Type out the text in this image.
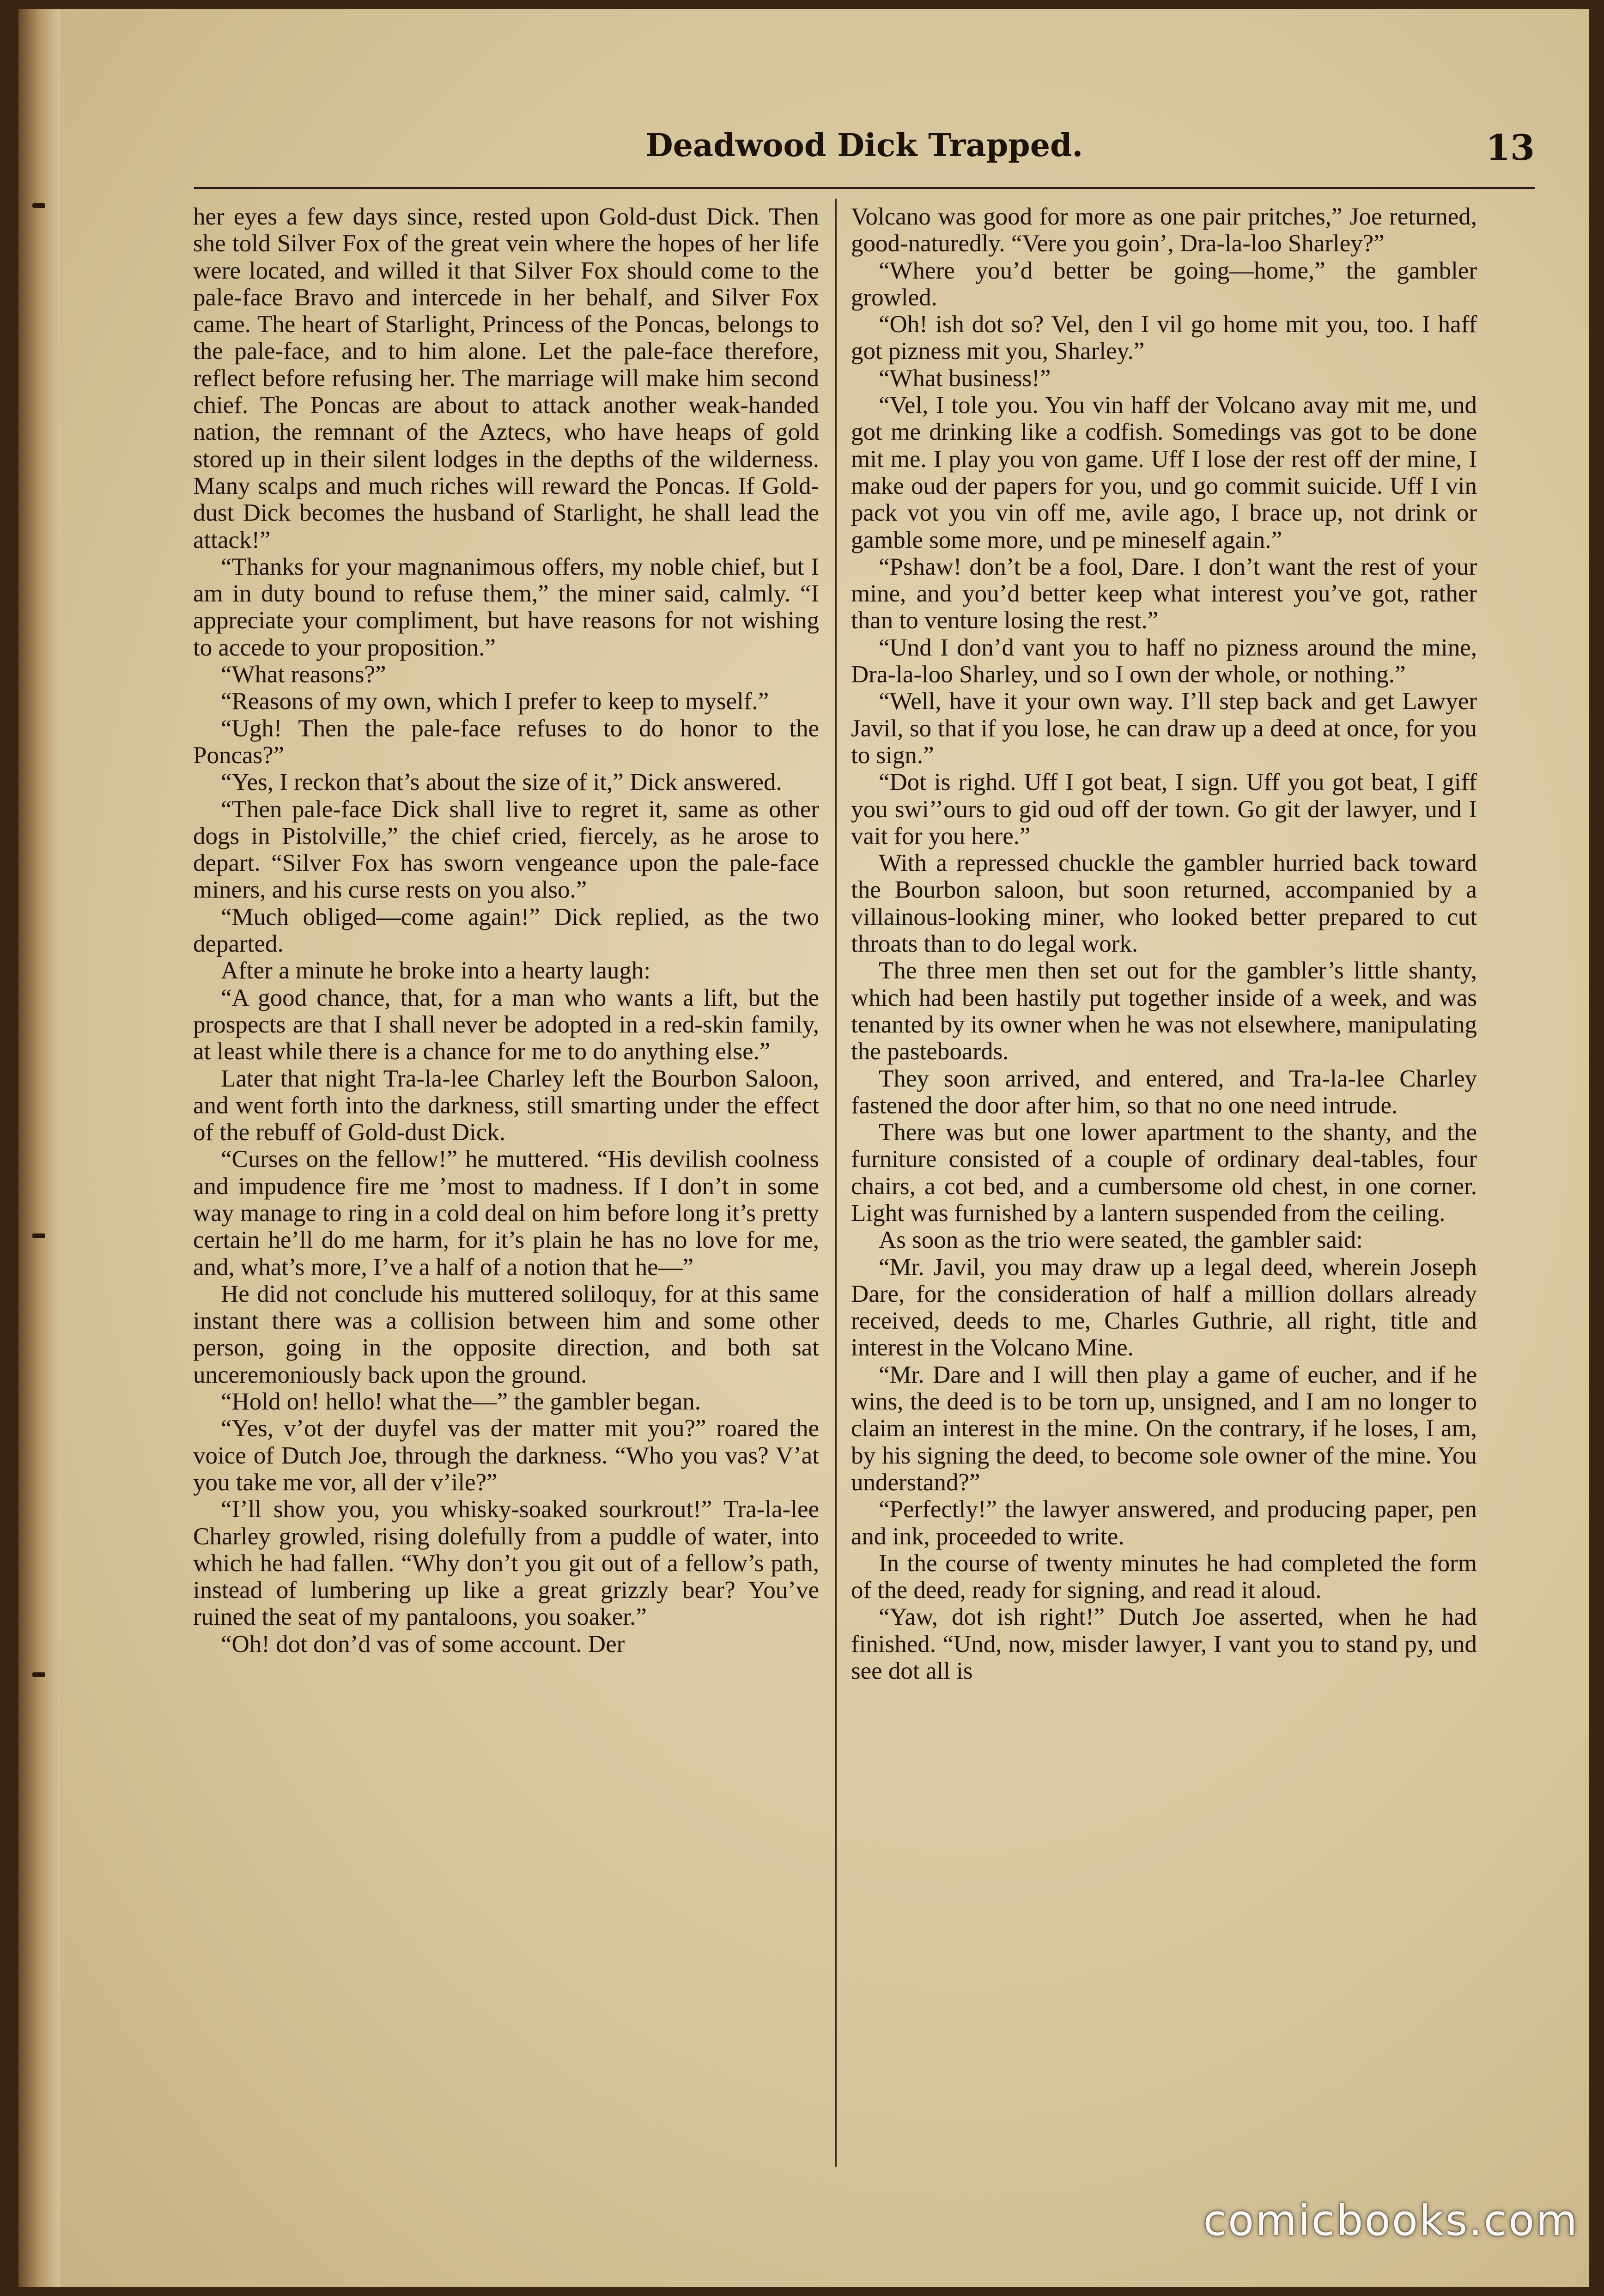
Deadwood Dick Trapped.	13

her eyes a few days since, rested upon Gold-dust Dick. Then she told Silver Fox of the great vein where the hopes of her life were located, and willed it that Silver Fox should come to the pale-face Bravo and intercede in her behalf, and Silver Fox came. The heart of Starlight, Princess of the Poncas, belongs to the pale-face, and to him alone. Let the pale-face therefore, reflect before refusing her. The marriage will make him second chief. The Poncas are about to attack another weak-handed nation, the remnant of the Aztecs, who have heaps of gold stored up in their silent lodges in the depths of the wilderness. Many scalps and much riches will reward the Poncas. If Gold-dust Dick becomes the husband of Starlight, he shall lead the attack!”

“Thanks for your magnanimous offers, my noble chief, but I am in duty bound to refuse them,” the miner said, calmly. “I appreciate your compliment, but have reasons for not wishing to accede to your proposition.”

“What reasons?”

“Reasons of my own, which I prefer to keep to myself.”

“Ugh! Then the pale-face refuses to do honor to the Poncas?”

“Yes, I reckon that’s about the size of it,” Dick answered.

“Then pale-face Dick shall live to regret it, same as other dogs in Pistolville,” the chief cried, fiercely, as he arose to depart. “Silver Fox has sworn vengeance upon the pale-face miners, and his curse rests on you also.”

“Much obliged—come again!” Dick replied, as the two departed.

After a minute he broke into a hearty laugh:

“A good chance, that, for a man who wants a lift, but the prospects are that I shall never be adopted in a red-skin family, at least while there is a chance for me to do anything else.”

Later that night Tra-la-lee Charley left the Bourbon Saloon, and went forth into the darkness, still smarting under the effect of the rebuff of Gold-dust Dick.

“Curses on the fellow!” he muttered. “His devilish coolness and impudence fire me ’most to madness. If I don’t in some way manage to ring in a cold deal on him before long it’s pretty certain he’ll do me harm, for it’s plain he has no love for me, and, what’s more, I’ve a half of a notion that he—”

He did not conclude his muttered soliloquy, for at this same instant there was a collision between him and some other person, going in the opposite direction, and both sat unceremoniously back upon the ground.

“Hold on! hello! what the—” the gambler began.

“Yes, v’ot der duyfel vas der matter mit you?” roared the voice of Dutch Joe, through the darkness. “Who you vas? V’at you take me vor, all der v’ile?”

“I’ll show you, you whisky-soaked sourkrout!” Tra-la-lee Charley growled, rising dolefully from a puddle of water, into which he had fallen. “Why don’t you git out of a fellow’s path, instead of lumbering up like a great grizzly bear? You’ve ruined the seat of my pantaloons, you soaker.”

“Oh! dot don’d vas of some account. Der

Volcano was good for more as one pair pritches,” Joe returned, good-naturedly. “Vere you goin’, Dra-la-loo Sharley?”

“Where you’d better be going—home,” the gambler growled.

“Oh! ish dot so? Vel, den I vil go home mit you, too. I haff got pizness mit you, Sharley.”

“What business!”

“Vel, I tole you. You vin haff der Volcano avay mit me, und got me drinking like a codfish. Somedings vas got to be done mit me. I play you von game. Uff I lose der rest off der mine, I make oud der papers for you, und go commit suicide. Uff I vin pack vot you vin off me, avile ago, I brace up, not drink or gamble some more, und pe mineself again.”

“Pshaw! don’t be a fool, Dare. I don’t want the rest of your mine, and you’d better keep what interest you’ve got, rather than to venture losing the rest.”

“Und I don’d vant you to haff no pizness around the mine, Dra-la-loo Sharley, und so I own der whole, or nothing.”

“Well, have it your own way. I’ll step back and get Lawyer Javil, so that if you lose, he can draw up a deed at once, for you to sign.”

“Dot is righd. Uff I got beat, I sign. Uff you got beat, I giff you swi’’ours to gid oud off der town. Go git der lawyer, und I vait for you here.”

With a repressed chuckle the gambler hurried back toward the Bourbon saloon, but soon returned, accompanied by a villainous-looking miner, who looked better prepared to cut throats than to do legal work.

The three men then set out for the gambler’s little shanty, which had been hastily put together inside of a week, and was tenanted by its owner when he was not elsewhere, manipulating the pasteboards.

They soon arrived, and entered, and Tra-la-lee Charley fastened the door after him, so that no one need intrude.

There was but one lower apartment to the shanty, and the furniture consisted of a couple of ordinary deal-tables, four chairs, a cot bed, and a cumbersome old chest, in one corner. Light was furnished by a lantern suspended from the ceiling.

As soon as the trio were seated, the gambler said:

“Mr. Javil, you may draw up a legal deed, wherein Joseph Dare, for the consideration of half a million dollars already received, deeds to me, Charles Guthrie, all right, title and interest in the Volcano Mine.

“Mr. Dare and I will then play a game of eucher, and if he wins, the deed is to be torn up, unsigned, and I am no longer to claim an interest in the mine. On the contrary, if he loses, I am, by his signing the deed, to become sole owner of the mine. You understand?”

“Perfectly!” the lawyer answered, and producing paper, pen and ink, proceeded to write.

In the course of twenty minutes he had completed the form of the deed, ready for signing, and read it aloud.

“Yaw, dot ish right!” Dutch Joe asserted, when he had finished. “Und, now, misder lawyer, I vant you to stand py, und see dot all is

comicbooks.com
